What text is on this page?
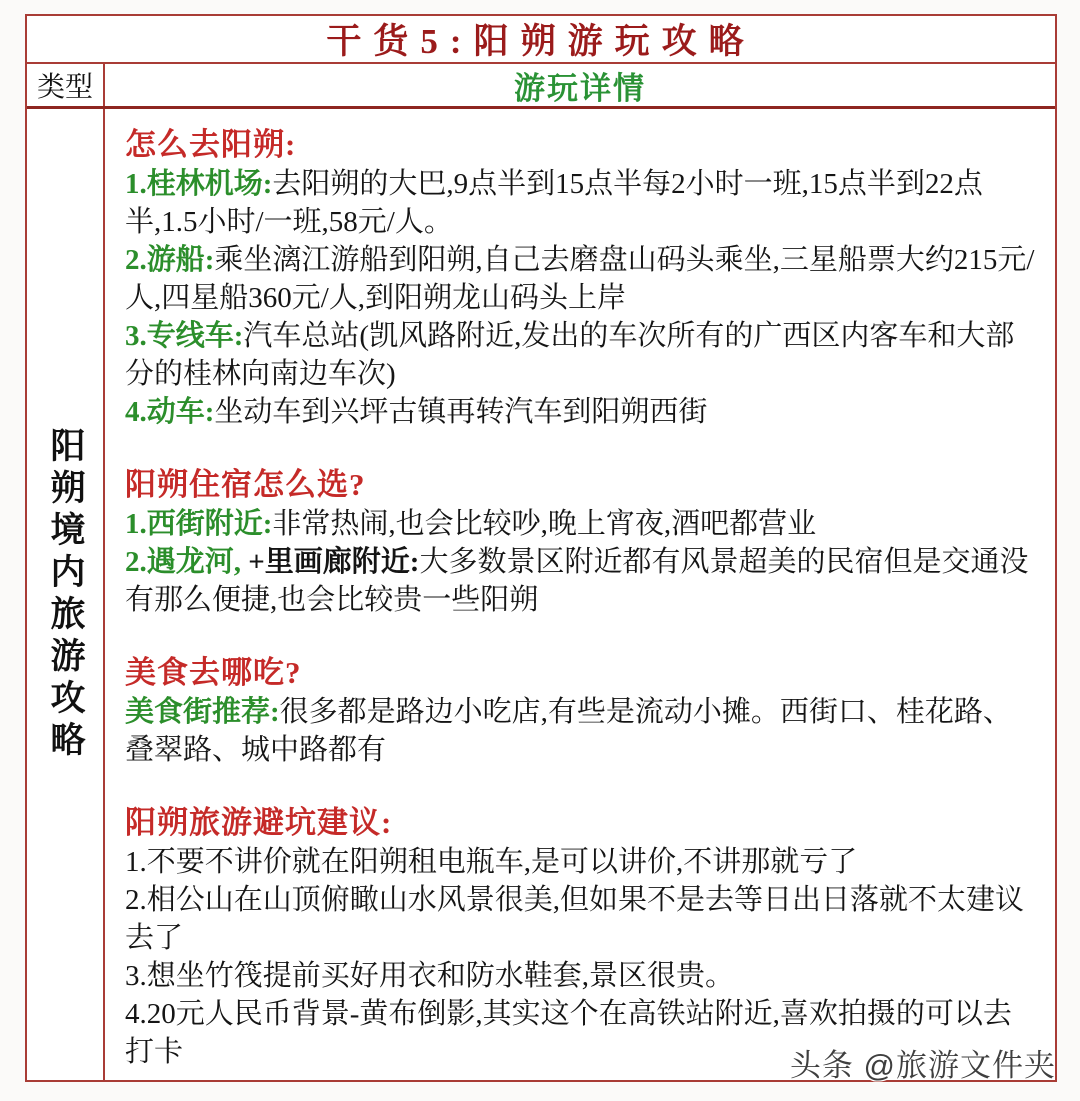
干货5:阳朔游玩攻略
类型	游玩详情
阳朔境内旅游攻略
怎么去阳朔:
1.桂林机场:去阳朔的大巴,9点半到15点半每2小时一班,15点半到22点半,1.5小时/一班,58元/人。
2.游船:乘坐漓江游船到阳朔,自己去磨盘山码头乘坐,三星船票大约215元/人,四星船360元/人,到阳朔龙山码头上岸
3.专线车:汽车总站(凯风路附近,发出的车次所有的广西区内客车和大部分的桂林向南边车次)
4.动车:坐动车到兴坪古镇再转汽车到阳朔西街
阳朔住宿怎么选?
1.西街附近:非常热闹,也会比较吵,晚上宵夜,酒吧都营业
2.遇龙河, +里画廊附近:大多数景区附近都有风景超美的民宿但是交通没有那么便捷,也会比较贵一些阳朔
美食去哪吃?
美食街推荐:很多都是路边小吃店,有些是流动小摊。西街口、桂花路、叠翠路、城中路都有
阳朔旅游避坑建议:
1.不要不讲价就在阳朔租电瓶车,是可以讲价,不讲那就亏了
2.相公山在山顶俯瞰山水风景很美,但如果不是去等日出日落就不太建议去了
3.想坐竹筏提前买好用衣和防水鞋套,景区很贵。
4.20元人民币背景-黄布倒影,其实这个在高铁站附近,喜欢拍摄的可以去打卡	头条 @旅游文件夹
